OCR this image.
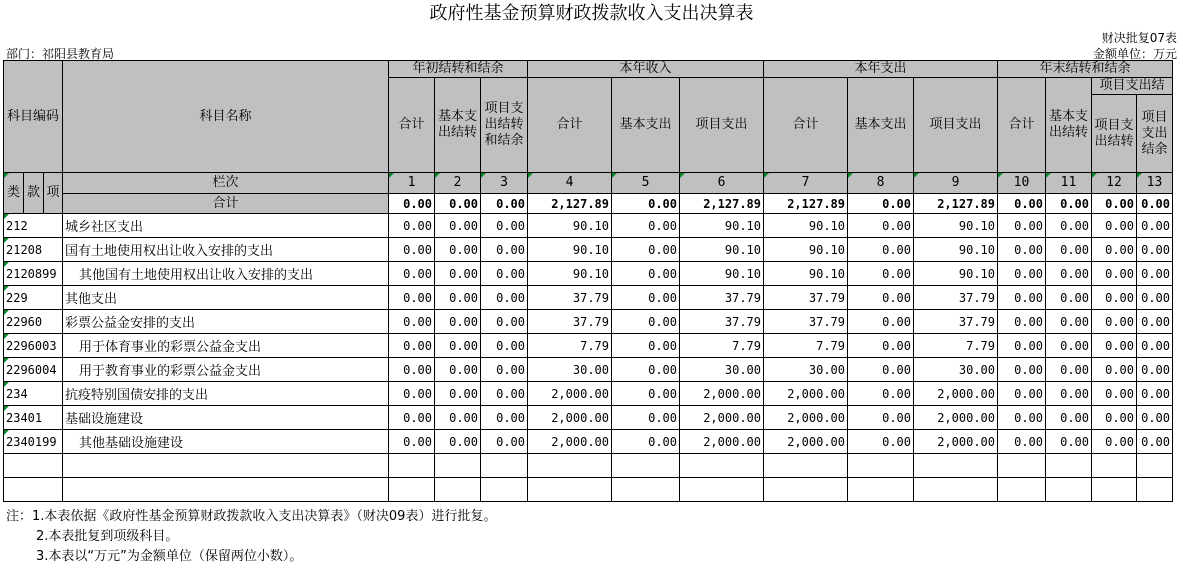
政府性基金预算财政拨款收入支出决算表
财决批复07表
部门：祁阳县教育局	金额单位：万元
科目编码			科目名称	年初结转和结余			本年收入			本年支出			年末结转和结余			
				合计	基本支出结转	项目支出结转和结余	合计	基本支出	项目支出	合计	基本支出	项目支出	合计	基本支出结转	项目支出结	
															项目支出结转	项目支出结余
类	款	项	栏次	1	2	3	4	5	6	7	8	9	10	11	12	13
			合计	0.00	0.00	0.00	2,127.89	0.00	2,127.89	2,127.89	0.00	2,127.89	0.00	0.00	0.00	0.00
212			城乡社区支出	0.00	0.00	0.00	90.10	0.00	90.10	90.10	0.00	90.10	0.00	0.00	0.00	0.00
21208			国有土地使用权出让收入安排的支出	0.00	0.00	0.00	90.10	0.00	90.10	90.10	0.00	90.10	0.00	0.00	0.00	0.00
2120899			其他国有土地使用权出让收入安排的支出	0.00	0.00	0.00	90.10	0.00	90.10	90.10	0.00	90.10	0.00	0.00	0.00	0.00
229			其他支出	0.00	0.00	0.00	37.79	0.00	37.79	37.79	0.00	37.79	0.00	0.00	0.00	0.00
22960			彩票公益金安排的支出	0.00	0.00	0.00	37.79	0.00	37.79	37.79	0.00	37.79	0.00	0.00	0.00	0.00
2296003			用于体育事业的彩票公益金支出	0.00	0.00	0.00	7.79	0.00	7.79	7.79	0.00	7.79	0.00	0.00	0.00	0.00
2296004			用于教育事业的彩票公益金支出	0.00	0.00	0.00	30.00	0.00	30.00	30.00	0.00	30.00	0.00	0.00	0.00	0.00
234			抗疫特别国债安排的支出	0.00	0.00	0.00	2,000.00	0.00	2,000.00	2,000.00	0.00	2,000.00	0.00	0.00	0.00	0.00
23401			基础设施建设	0.00	0.00	0.00	2,000.00	0.00	2,000.00	2,000.00	0.00	2,000.00	0.00	0.00	0.00	0.00
2340199			其他基础设施建设	0.00	0.00	0.00	2,000.00	0.00	2,000.00	2,000.00	0.00	2,000.00	0.00	0.00	0.00	0.00

注：1.本表依据《政府性基金预算财政拨款收入支出决算表》（财决09表）进行批复。
2.本表批复到项级科目。
3.本表以“万元”为金额单位（保留两位小数）。
